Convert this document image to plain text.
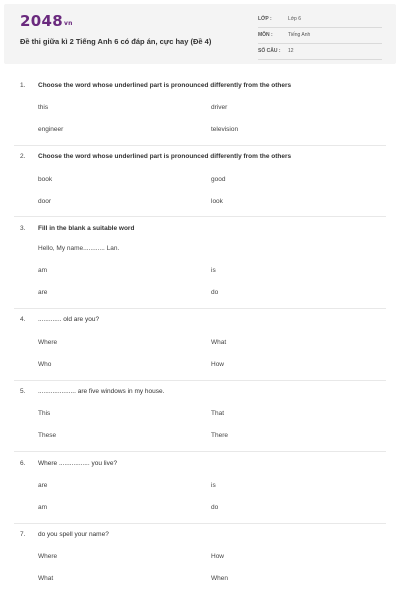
2048vn
Đề thi giữa kì 2 Tiếng Anh 6 có đáp án, cực hay (Đề 4)
LỚP :	Lớp 6
MÔN :	Tiếng Anh
SỐ CÂU : 12
1. Choose the word whose underlined part is pronounced differently from the others
this	driver
engineer	television
2. Choose the word whose underlined part is pronounced differently from the others
book	good
door	look
3. Fill in the blank a suitable word
Hello, My name............ Lan.
am	is
are	do
4. ............. old are you?
Where	What
Who	How
5. ..................... are five windows in my house.
This	That
These	There
6. Where ................. you live?
are	is
am	do
7. do you spell your name?
Where	How
What	When
